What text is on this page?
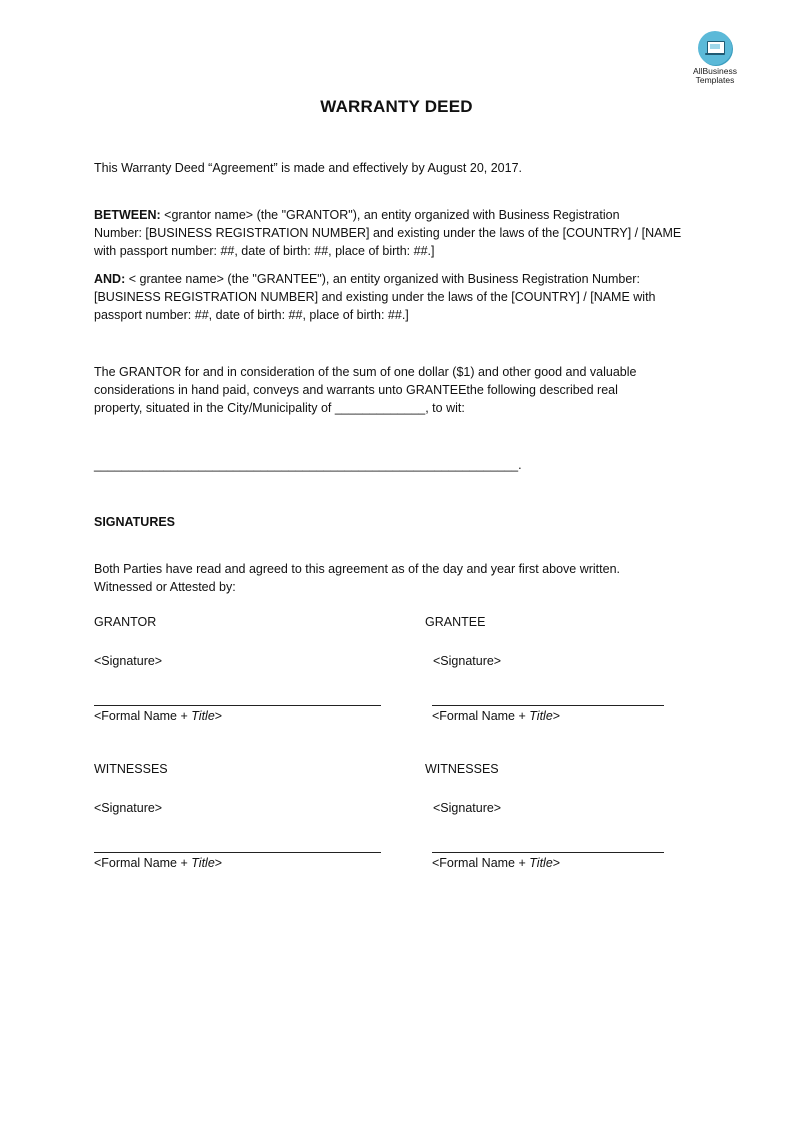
AllBusiness
Templates
WARRANTY DEED
This Warranty Deed “Agreement” is made and effectively by August 20, 2017.
BETWEEN: <grantor name> (the "GRANTOR"), an entity organized with Business Registration
Number: [BUSINESS REGISTRATION NUMBER] and existing under the laws of the [COUNTRY] / [NAME
with passport number: ##, date of birth: ##, place of birth: ##.]
AND: < grantee name> (the "GRANTEE"), an entity organized with Business Registration Number:
[BUSINESS REGISTRATION NUMBER] and existing under the laws of the [COUNTRY] / [NAME with
passport number: ##, date of birth: ##, place of birth: ##.]
The GRANTOR for and in consideration of the sum of one dollar ($1) and other good and valuable
considerations in hand paid, conveys and warrants unto GRANTEEthe following described real
property, situated in the City/Municipality of _____________, to wit:
_____________________________________________________________.
SIGNATURES
Both Parties have read and agreed to this agreement as of the day and year first above written.
Witnessed or Attested by:
GRANTOR
<Signature>
<Formal Name + Title>
WITNESSES
<Signature>
<Formal Name + Title>
GRANTEE
<Signature>
<Formal Name + Title>
WITNESSES
<Signature>
<Formal Name + Title>
